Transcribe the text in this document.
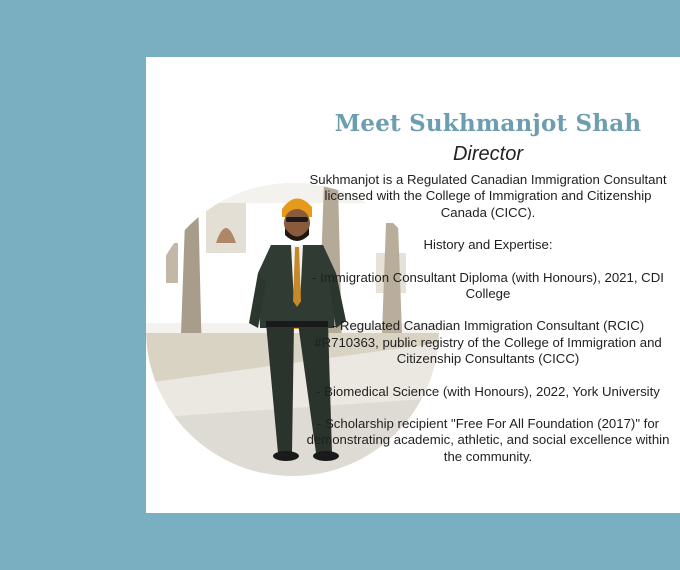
Meet Sukhmanjot Shah
Director

Sukhmanjot is a Regulated Canadian Immigration Consultant licensed with the College of Immigration and Citizenship Canada (CICC).

History and Expertise:

- Immigration Consultant Diploma (with Honours), 2021, CDI College

- Regulated Canadian Immigration Consultant (RCIC) #R710363, public registry of the College of Immigration and Citizenship Consultants (CICC)

- Biomedical Science (with Honours), 2022, York University

- Scholarship recipient "Free For All Foundation (2017)" for demonstrating academic, athletic, and social excellence within the community.
